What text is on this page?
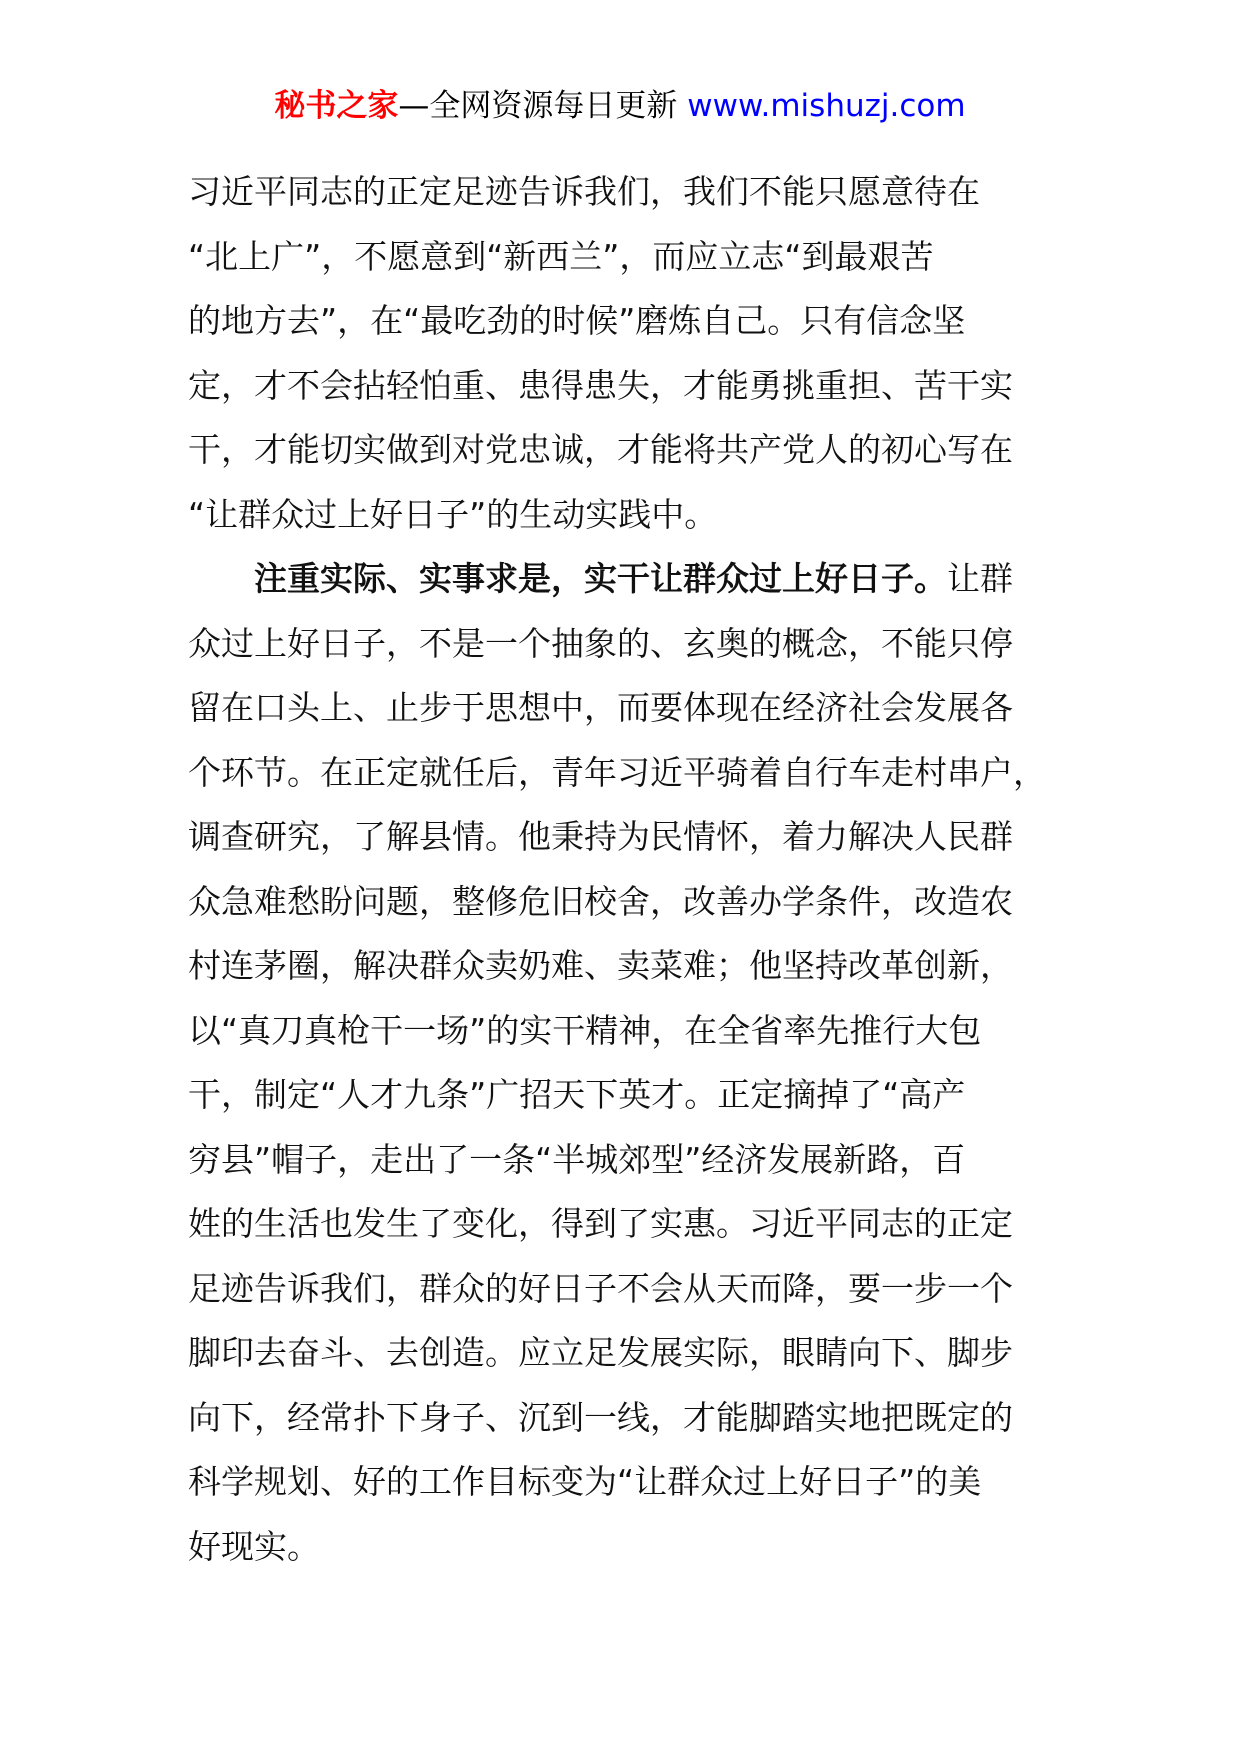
秘书之家—全网资源每日更新 www.mishuzj.com
习近平同志的正定足迹告诉我们，我们不能只愿意待在
“北上广”，不愿意到“新西兰”，而应立志“到最艰苦
的地方去”，在“最吃劲的时候”磨炼自己。只有信念坚
定，才不会拈轻怕重、患得患失，才能勇挑重担、苦干实
干，才能切实做到对党忠诚，才能将共产党人的初心写在
“让群众过上好日子”的生动实践中。
注重实际、实事求是，实干让群众过上好日子。让群
众过上好日子，不是一个抽象的、玄奥的概念，不能只停
留在口头上、止步于思想中，而要体现在经济社会发展各
个环节。在正定就任后，青年习近平骑着自行车走村串户，
调查研究，了解县情。他秉持为民情怀，着力解决人民群
众急难愁盼问题，整修危旧校舍，改善办学条件，改造农
村连茅圈，解决群众卖奶难、卖菜难；他坚持改革创新，
以“真刀真枪干一场”的实干精神，在全省率先推行大包
干，制定“人才九条”广招天下英才。正定摘掉了“高产
穷县”帽子，走出了一条“半城郊型”经济发展新路，百
姓的生活也发生了变化，得到了实惠。习近平同志的正定
足迹告诉我们，群众的好日子不会从天而降，要一步一个
脚印去奋斗、去创造。应立足发展实际，眼睛向下、脚步
向下，经常扑下身子、沉到一线，才能脚踏实地把既定的
科学规划、好的工作目标变为“让群众过上好日子”的美
好现实。
